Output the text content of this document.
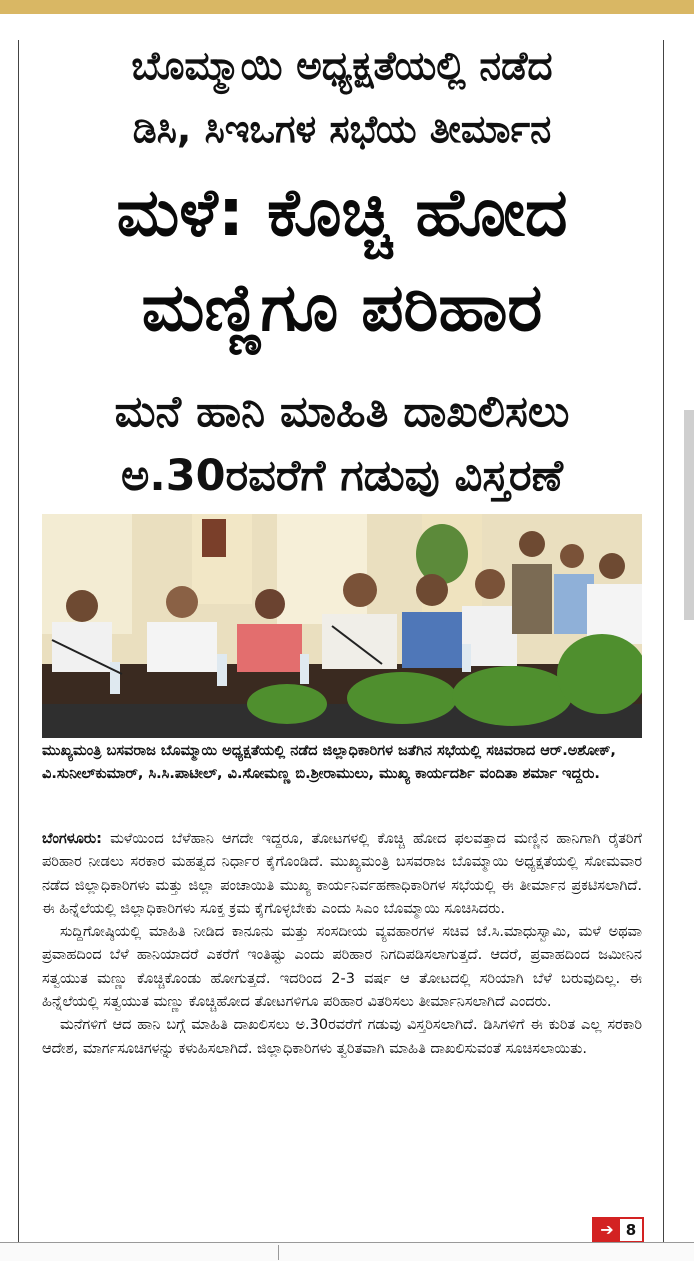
ಬೊಮ್ಮಾಯಿ ಅಧ್ಯಕ್ಷತೆಯಲ್ಲಿ ನಡೆದ
ಡಿಸಿ, ಸಿಇಒಗಳ ಸಭೆಯ ತೀರ್ಮಾನ
ಮಳೆ: ಕೊಚ್ಚಿ ಹೋದ
ಮಣ್ಣಿಗೂ ಪರಿಹಾರ
ಮನೆ ಹಾನಿ ಮಾಹಿತಿ ದಾಖಲಿಸಲು
ಅ.30ರವರೆಗೆ ಗಡುವು ವಿಸ್ತರಣೆ
ಮುಖ್ಯಮಂತ್ರಿ ಬಸವರಾಜ ಬೊಮ್ಮಾಯಿ ಅಧ್ಯಕ್ಷತೆಯಲ್ಲಿ ನಡೆದ ಜಿಲ್ಲಾಧಿಕಾರಿಗಳ ಜತೆಗಿನ ಸಭೆಯಲ್ಲಿ ಸಚಿವರಾದ ಆರ್.ಅಶೋಕ್, ವಿ.ಸುನೀಲ್‌ಕುಮಾರ್, ಸಿ.ಸಿ.ಪಾಟೀಲ್, ವಿ.ಸೋಮಣ್ಣ ಬಿ.ಶ್ರೀರಾಮುಲು, ಮುಖ್ಯ ಕಾರ್ಯದರ್ಶಿ ವಂದಿತಾ ಶರ್ಮಾ ಇದ್ದರು.

ಬೆಂಗಳೂರು: ಮಳೆಯಿಂದ ಬೆಳೆಹಾನಿ ಆಗದೇ ಇದ್ದರೂ, ತೋಟಗಳಲ್ಲಿ ಕೊಚ್ಚಿ ಹೋದ ಫಲವತ್ತಾದ ಮಣ್ಣಿನ ಹಾನಿಗಾಗಿ ರೈತರಿಗೆ ಪರಿಹಾರ ನೀಡಲು ಸರಕಾರ ಮಹತ್ವದ ನಿರ್ಧಾರ ಕೈಗೊಂಡಿದೆ. ಮುಖ್ಯಮಂತ್ರಿ ಬಸವರಾಜ ಬೊಮ್ಮಾಯಿ ಅಧ್ಯಕ್ಷತೆಯಲ್ಲಿ ಸೋಮವಾರ ನಡೆದ ಜಿಲ್ಲಾಧಿಕಾರಿಗಳು ಮತ್ತು ಜಿಲ್ಲಾ ಪಂಚಾಯಿತಿ ಮುಖ್ಯ ಕಾರ್ಯನಿರ್ವಹಣಾಧಿಕಾರಿಗಳ ಸಭೆಯಲ್ಲಿ ಈ ತೀರ್ಮಾನ ಪ್ರಕಟಿಸಲಾಗಿದೆ. ಈ ಹಿನ್ನೆಲೆಯಲ್ಲಿ ಜಿಲ್ಲಾಧಿಕಾರಿಗಳು ಸೂಕ್ತ ಕ್ರಮ ಕೈಗೊಳ್ಳಬೇಕು ಎಂದು ಸಿಎಂ ಬೊಮ್ಮಾಯಿ ಸೂಚಿಸಿದರು.

ಸುದ್ದಿಗೋಷ್ಠಿಯಲ್ಲಿ ಮಾಹಿತಿ ನೀಡಿದ ಕಾನೂನು ಮತ್ತು ಸಂಸದೀಯ ವ್ಯವಹಾರಗಳ ಸಚಿವ ಜೆ.ಸಿ.ಮಾಧುಸ್ವಾಮಿ, ಮಳೆ ಅಥವಾ ಪ್ರವಾಹದಿಂದ ಬೆಳೆ ಹಾನಿಯಾದರೆ ಎಕರೆಗೆ ಇಂತಿಷ್ಟು ಎಂದು ಪರಿಹಾರ ನಿಗದಿಪಡಿಸಲಾಗುತ್ತದೆ. ಆದರೆ, ಪ್ರವಾಹದಿಂದ ಜಮೀನಿನ ಸತ್ವಯುತ ಮಣ್ಣು ಕೊಚ್ಚಿಕೊಂಡು ಹೋಗುತ್ತದೆ. ಇದರಿಂದ 2-3 ವರ್ಷ ಆ ತೋಟದಲ್ಲಿ ಸರಿಯಾಗಿ ಬೆಳೆ ಬರುವುದಿಲ್ಲ. ಈ ಹಿನ್ನೆಲೆಯಲ್ಲಿ ಸತ್ವಯುತ ಮಣ್ಣು ಕೊಚ್ಚಿಹೋದ ತೋಟಗಳಿಗೂ ಪರಿಹಾರ ವಿತರಿಸಲು ತೀರ್ಮಾನಿಸಲಾಗಿದೆ ಎಂದರು.

ಮನೆಗಳಿಗೆ ಆದ ಹಾನಿ ಬಗ್ಗೆ ಮಾಹಿತಿ ದಾಖಲಿಸಲು ಅ.30ರವರೆಗೆ ಗಡುವು ವಿಸ್ತರಿಸಲಾಗಿದೆ. ಡಿಸಿಗಳಿಗೆ ಈ ಕುರಿತ ಎಲ್ಲ ಸರಕಾರಿ ಆದೇಶ, ಮಾರ್ಗಸೂಚಿಗಳನ್ನು ಕಳುಹಿಸಲಾಗಿದೆ. ಜಿಲ್ಲಾಧಿಕಾರಿಗಳು ತ್ವರಿತವಾಗಿ ಮಾಹಿತಿ ದಾಖಲಿಸುವಂತೆ ಸೂಚಿಸಲಾಯಿತು.

➔ 8
